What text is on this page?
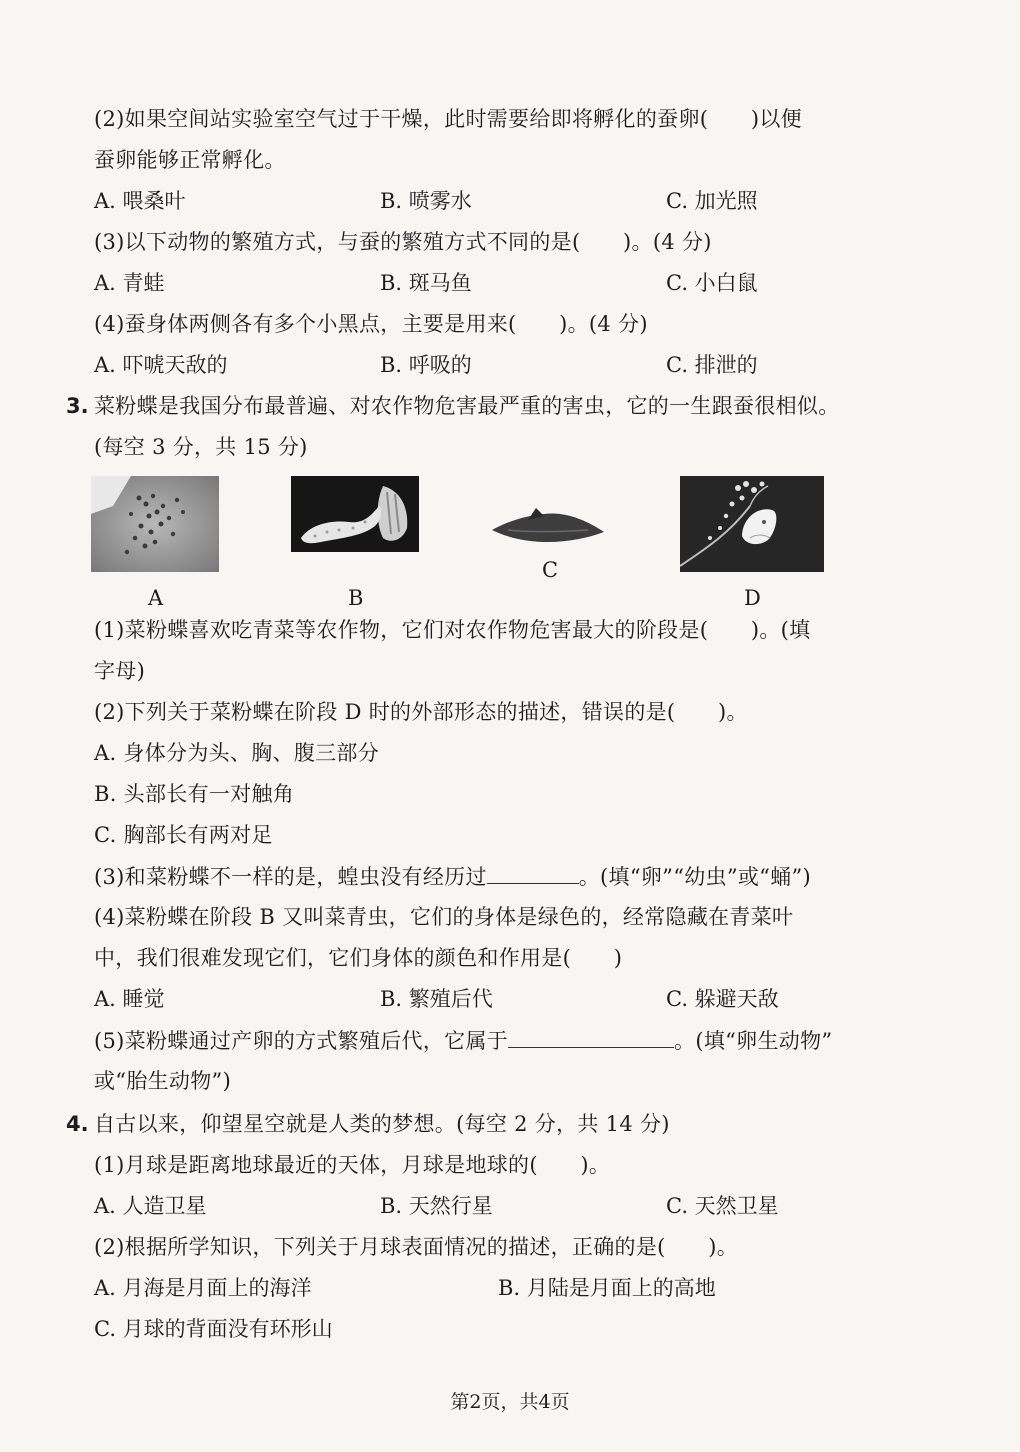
(2)如果空间站实验室空气过于干燥，此时需要给即将孵化的蚕卵(　　)以便
蚕卵能够正常孵化。
A. 喂桑叶	B. 喷雾水	C. 加光照
(3)以下动物的繁殖方式，与蚕的繁殖方式不同的是(　　)。(4 分)
A. 青蛙	B. 斑马鱼	C. 小白鼠
(4)蚕身体两侧各有多个小黑点，主要是用来(　　)。(4 分)
A. 吓唬天敌的	B. 呼吸的	C. 排泄的
3. 菜粉蝶是我国分布最普遍、对农作物危害最严重的害虫，它的一生跟蚕很相似。
(每空 3 分，共 15 分)
A	B
C
D
(1)菜粉蝶喜欢吃青菜等农作物，它们对农作物危害最大的阶段是(　　)。(填
字母)
(2)下列关于菜粉蝶在阶段 D 时的外部形态的描述，错误的是(　　)。
A. 身体分为头、胸、腹三部分
B. 头部长有一对触角
C. 胸部长有两对足
(3)和菜粉蝶不一样的是，蝗虫没有经历过	。(填“卵”“幼虫”或“蛹”)
(4)菜粉蝶在阶段 B 又叫菜青虫，它们的身体是绿色的，经常隐藏在青菜叶
中，我们很难发现它们，它们身体的颜色和作用是(　　)
A. 睡觉	B. 繁殖后代	C. 躲避天敌
(5)菜粉蝶通过产卵的方式繁殖后代，它属于	。(填“卵生动物”
或“胎生动物”)
4. 自古以来，仰望星空就是人类的梦想。(每空 2 分，共 14 分)
(1)月球是距离地球最近的天体，月球是地球的(　　)。
A. 人造卫星	B. 天然行星	C. 天然卫星
(2)根据所学知识，下列关于月球表面情况的描述，正确的是(　　)。
A. 月海是月面上的海洋	B. 月陆是月面上的高地
C. 月球的背面没有环形山
第2页，共4页
